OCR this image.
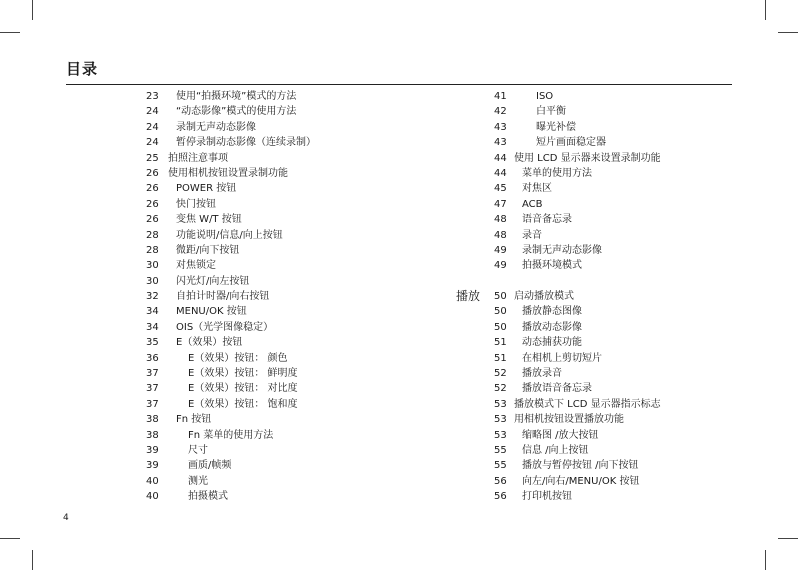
目录
23	使用“拍摄环境”模式的方法
24	“动态影像”模式的使用方法
24	录制无声动态影像
24	暂停录制动态影像（连续录制）
25 拍照注意事项
26 使用相机按钮设置录制功能
26	POWER 按钮
26	快门按钮
26	变焦 W/T 按钮
28	功能说明/信息/向上按钮
28	微距/向下按钮
30	对焦锁定
30	闪光灯/向左按钮
32	自拍计时器/向右按钮
34	MENU/OK 按钮
34	OIS（光学图像稳定）
35	E（效果）按钮
36	E（效果）按钮： 颜色
37	E（效果）按钮： 鲜明度
37	E（效果）按钮： 对比度
37	E（效果）按钮： 饱和度
38	Fn 按钮
38	Fn 菜单的使用方法
39	尺寸
39	画质/帧频
40	测光
40	拍摄模式
41	ISO
42	白平衡
43	曝光补偿
43	短片画面稳定器
44 使用 LCD 显示器来设置录制功能
44	菜单的使用方法
45	对焦区
47	ACB
48	语音备忘录
48	录音
49	录制无声动态影像
49	拍摄环境模式
50 启动播放模式
50	播放静态图像
50	播放动态影像
51	动态捕获功能
51	在相机上剪切短片
52	播放录音
52	播放语音备忘录
53 播放模式下 LCD 显示器指示标志
53 用相机按钮设置播放功能
53	缩略图 /放大按钮
55	信息 /向上按钮
55	播放与暂停按钮 /向下按钮
56	向左/向右/MENU/OK 按钮
56	打印机按钮
播放
4
